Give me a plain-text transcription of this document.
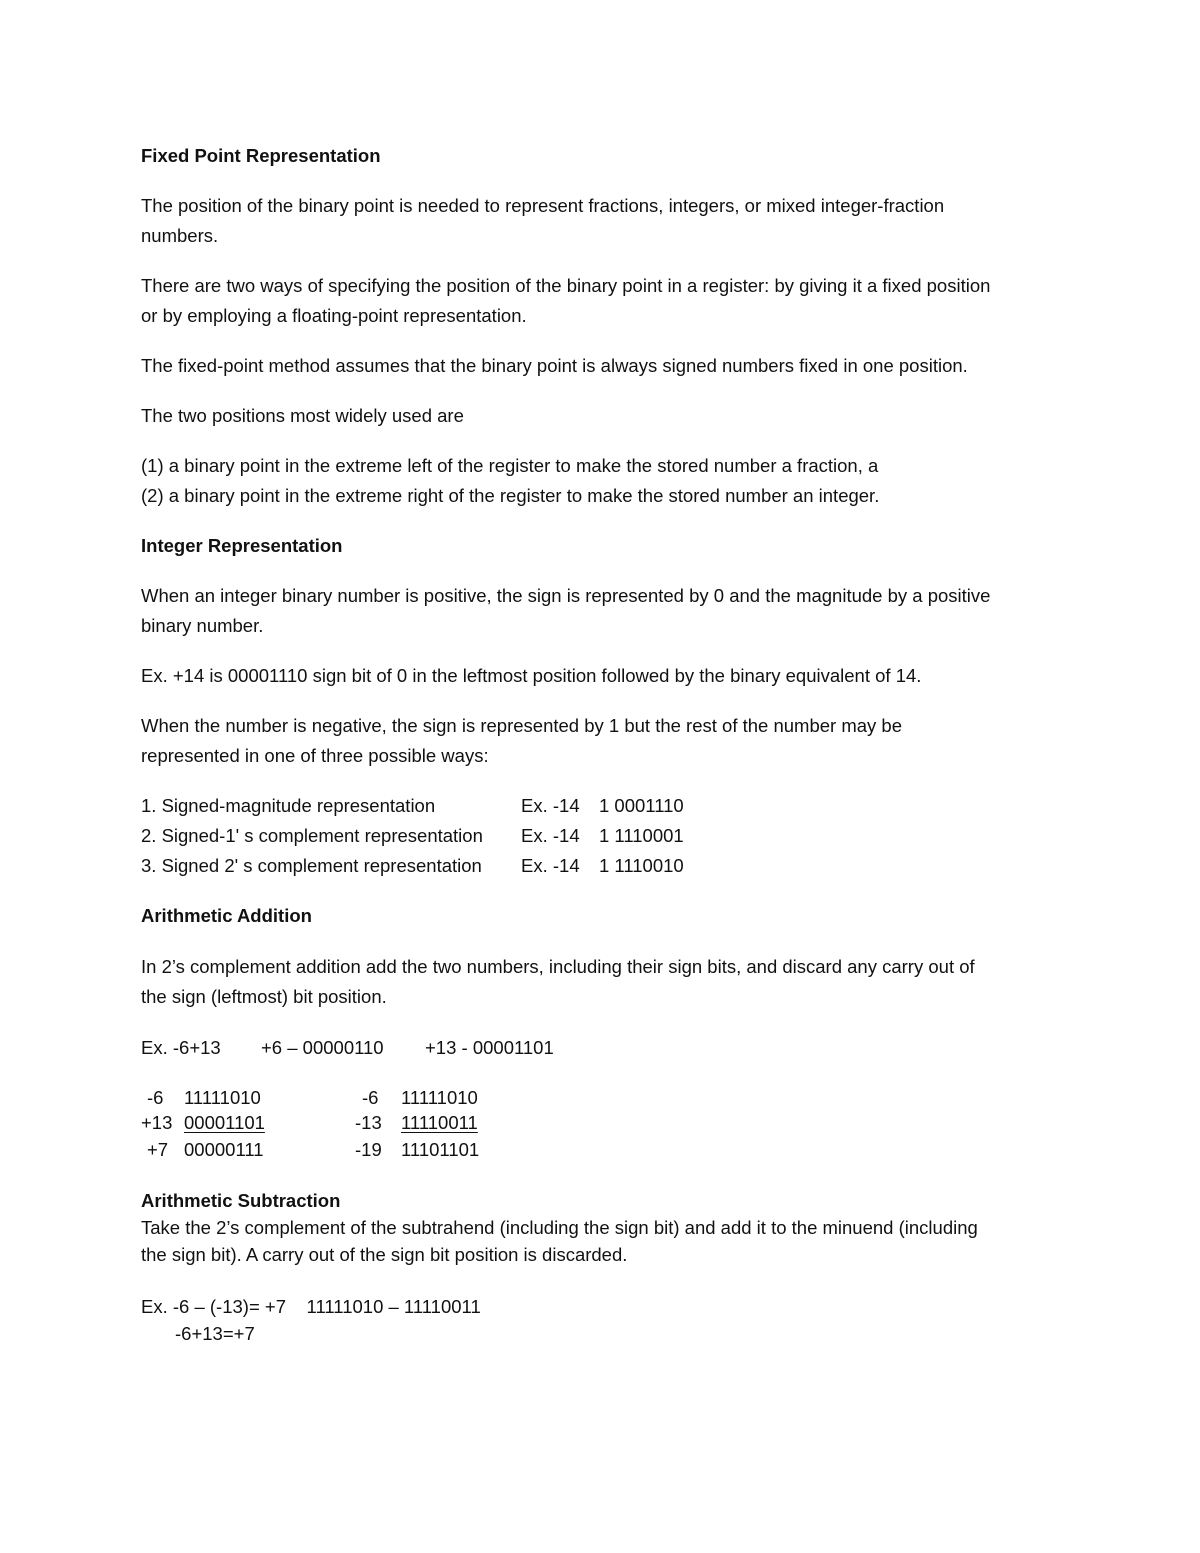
Fixed Point Representation
The position of the binary point is needed to represent fractions, integers, or mixed integer-fraction
numbers.
There are two ways of specifying the position of the binary point in a register: by giving it a fixed position
or by employing a floating-point representation.
The fixed-point method assumes that the binary point is always signed numbers fixed in one position.
The two positions most widely used are
(1) a binary point in the extreme left of the register to make the stored number a fraction, a
(2) a binary point in the extreme right of the register to make the stored number an integer.
Integer Representation
When an integer binary number is positive, the sign is represented by 0 and the magnitude by a positive
binary number.
Ex. +14 is 00001110 sign bit of 0 in the leftmost position followed by the binary equivalent of 14.
When the number is negative, the sign is represented by 1 but the rest of the number may be
represented in one of three possible ways:
1. Signed-magnitude representation	Ex. -14 1 0001110
2. Signed-1' s complement representation Ex. -14 1 1110001
3. Signed 2' s complement representation Ex. -14 1 1110010
Arithmetic Addition
In 2’s complement addition add the two numbers, including their sign bits, and discard any carry out of
the sign (leftmost) bit position.
Ex. -6+13 +6 – 00000110 +13 - 00001101
-6 11111010
+13 00001101
+7 00000111
-6 11111010
-13 11110011
-19 11101101
Arithmetic Subtraction
Take the 2’s complement of the subtrahend (including the sign bit) and add it to the minuend (including
the sign bit). A carry out of the sign bit position is discarded.
Ex. -6 – (-13)= +7    11111010 – 11110011
-6+13=+7
